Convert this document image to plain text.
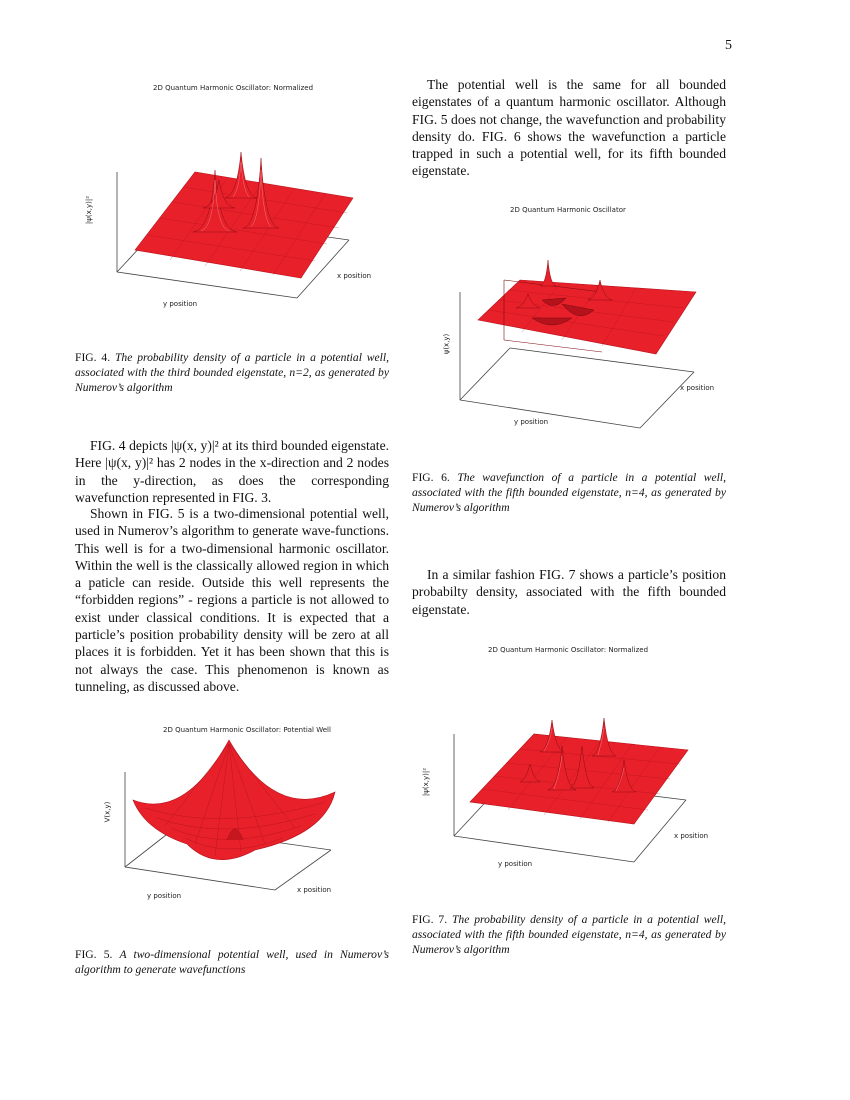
5
2D Quantum Harmonic Oscillator: Normalized
|ψ(x,y)|²
x position
y position

FIG. 4. The probability density of a particle in a potential well, associated with the third bounded eigenstate, n=2, as generated by Numerov’s algorithm

FIG. 4 depicts |ψ(x, y)|² at its third bounded eigenstate. Here |ψ(x, y)|² has 2 nodes in the x-direction and 2 nodes in the y-direction, as does the corresponding wavefunction represented in FIG. 3.

Shown in FIG. 5 is a two-dimensional potential well, used in Numerov’s algorithm to generate wave-functions. This well is for a two-dimensional harmonic oscillator. Within the well is the classically allowed region in which a paticle can reside. Outside this well represents the “forbidden regions” - regions a particle is not allowed to exist under classical conditions. It is expected that a particle’s position probability density will be zero at all places it is forbidden. Yet it has been shown that this is not always the case. This phenomenon is known as tunneling, as discussed above.

2D Quantum Harmonic Oscillator: Potential Well
V(x,y)
x position
y position

FIG. 5. A two-dimensional potential well, used in Numerov’s algorithm to generate wavefunctions

The potential well is the same for all bounded eigenstates of a quantum harmonic oscillator. Although FIG. 5 does not change, the wavefunction and probability density do. FIG. 6 shows the wavefunction a particle trapped in such a potential well, for its fifth bounded eigenstate.

2D Quantum Harmonic Oscillator
ψ(x,y)
x position
y position

FIG. 6. The wavefunction of a particle in a potential well, associated with the fifth bounded eigenstate, n=4, as generated by Numerov’s algorithm

In a similar fashion FIG. 7 shows a particle’s position probabilty density, associated with the fifth bounded eigenstate.

2D Quantum Harmonic Oscillator: Normalized
|ψ(x,y)|²
x position
y position

FIG. 7. The probability density of a particle in a potential well, associated with the fifth bounded eigenstate, n=4, as generated by Numerov’s algorithm
